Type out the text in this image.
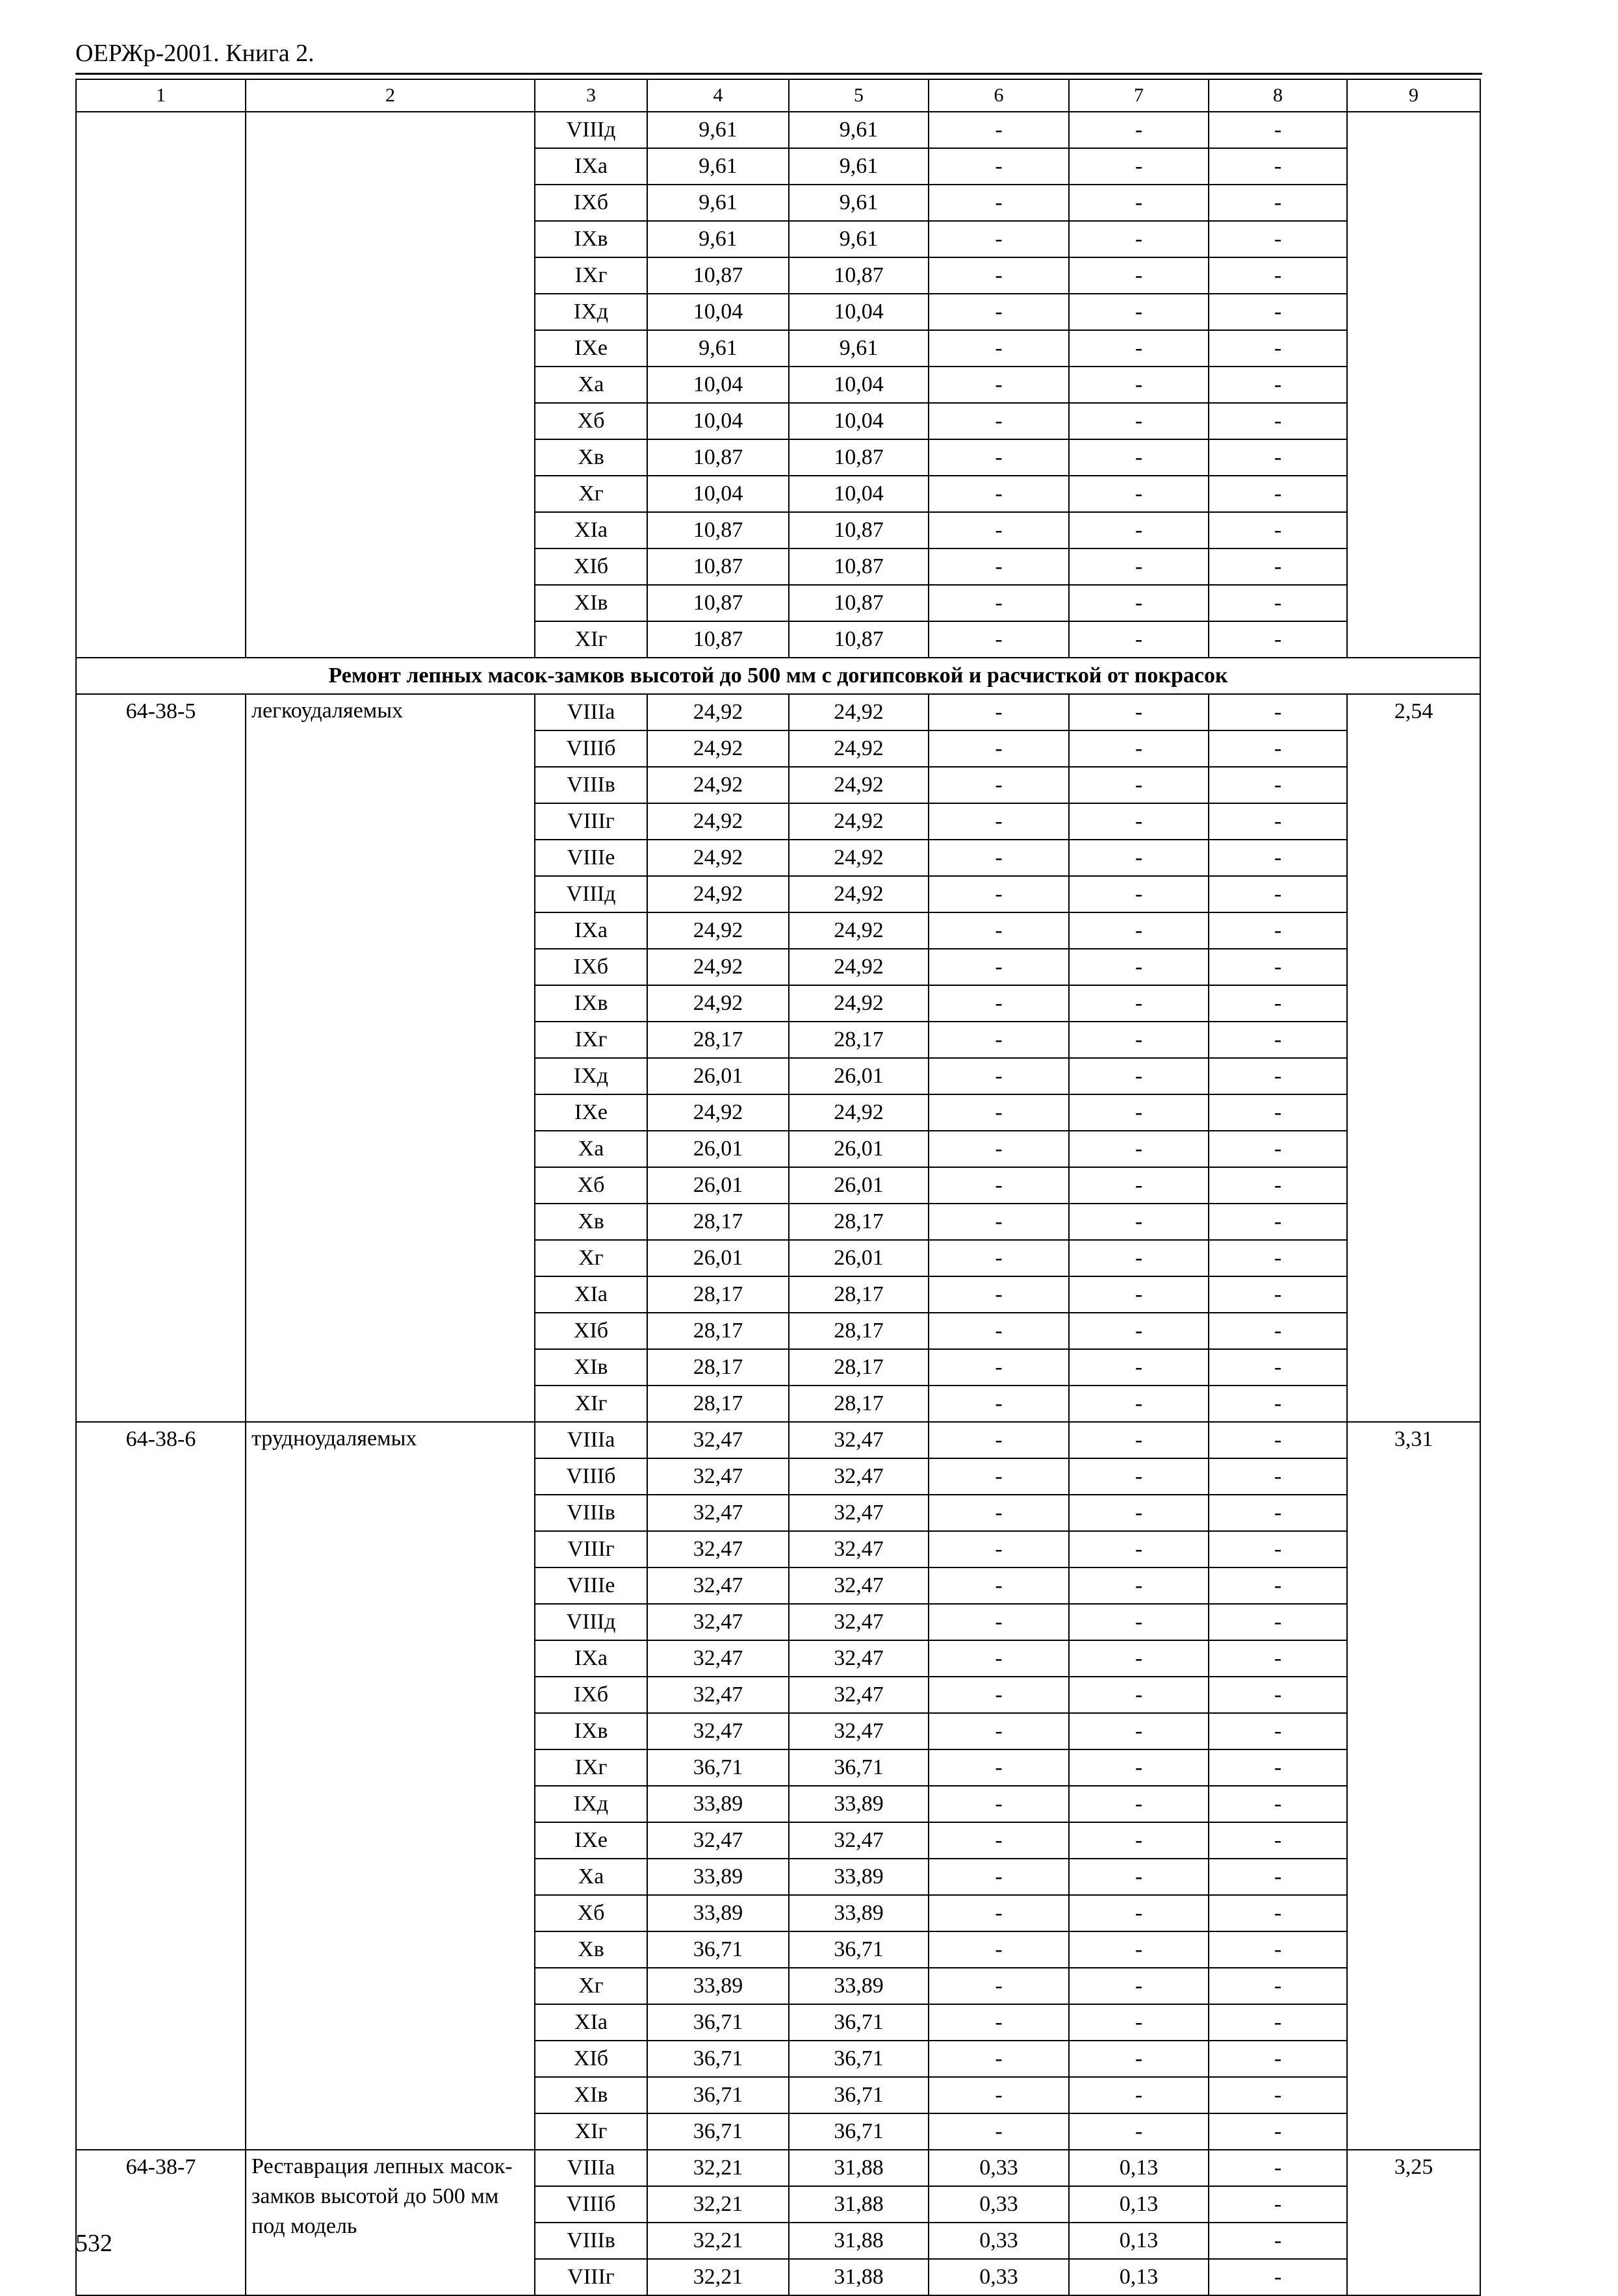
ОЕРЖр-2001. Книга 2.
1	2	3	4	5	6	7	8	9
		VIIIд	9,61	9,61	-	-	-	
		IXa	9,61	9,61	-	-	-	
		IXб	9,61	9,61	-	-	-	
		IXв	9,61	9,61	-	-	-	
		IXг	10,87	10,87	-	-	-	
		IXд	10,04	10,04	-	-	-	
		IXe	9,61	9,61	-	-	-	
		Xa	10,04	10,04	-	-	-	
		Xб	10,04	10,04	-	-	-	
		Xв	10,87	10,87	-	-	-	
		Xг	10,04	10,04	-	-	-	
		XIa	10,87	10,87	-	-	-	
		XIб	10,87	10,87	-	-	-	
		XIв	10,87	10,87	-	-	-	
		XIг	10,87	10,87	-	-	-	
Ремонт лепных масок-замков высотой до 500 мм с догипсовкой и расчисткой от покрасок								
64-38-5	легкоудаляемых	VIIIa	24,92	24,92	-	-	-	2,54
		VIIIб	24,92	24,92	-	-	-	
		VIIIв	24,92	24,92	-	-	-	
		VIIIг	24,92	24,92	-	-	-	
		VIIIe	24,92	24,92	-	-	-	
		VIIIд	24,92	24,92	-	-	-	
		IXa	24,92	24,92	-	-	-	
		IXб	24,92	24,92	-	-	-	
		IXв	24,92	24,92	-	-	-	
		IXг	28,17	28,17	-	-	-	
		IXд	26,01	26,01	-	-	-	
		IXe	24,92	24,92	-	-	-	
		Xa	26,01	26,01	-	-	-	
		Xб	26,01	26,01	-	-	-	
		Xв	28,17	28,17	-	-	-	
		Xг	26,01	26,01	-	-	-	
		XIa	28,17	28,17	-	-	-	
		XIб	28,17	28,17	-	-	-	
		XIв	28,17	28,17	-	-	-	
		XIг	28,17	28,17	-	-	-	
64-38-6	трудноудаляемых	VIIIa	32,47	32,47	-	-	-	3,31
		VIIIб	32,47	32,47	-	-	-	
		VIIIв	32,47	32,47	-	-	-	
		VIIIг	32,47	32,47	-	-	-	
		VIIIe	32,47	32,47	-	-	-	
		VIIIд	32,47	32,47	-	-	-	
		IXa	32,47	32,47	-	-	-	
		IXб	32,47	32,47	-	-	-	
		IXв	32,47	32,47	-	-	-	
		IXг	36,71	36,71	-	-	-	
		IXд	33,89	33,89	-	-	-	
		IXe	32,47	32,47	-	-	-	
		Xa	33,89	33,89	-	-	-	
		Xб	33,89	33,89	-	-	-	
		Xв	36,71	36,71	-	-	-	
		Xг	33,89	33,89	-	-	-	
		XIa	36,71	36,71	-	-	-	
		XIб	36,71	36,71	-	-	-	
		XIв	36,71	36,71	-	-	-	
		XIг	36,71	36,71	-	-	-	
64-38-7	Реставрация лепных масок-замков высотой до 500 мм под модель	VIIIa	32,21	31,88	0,33	0,13	-	3,25
		VIIIб	32,21	31,88	0,33	0,13	-	
		VIIIв	32,21	31,88	0,33	0,13	-	
		VIIIг	32,21	31,88	0,33	0,13	-	
532
